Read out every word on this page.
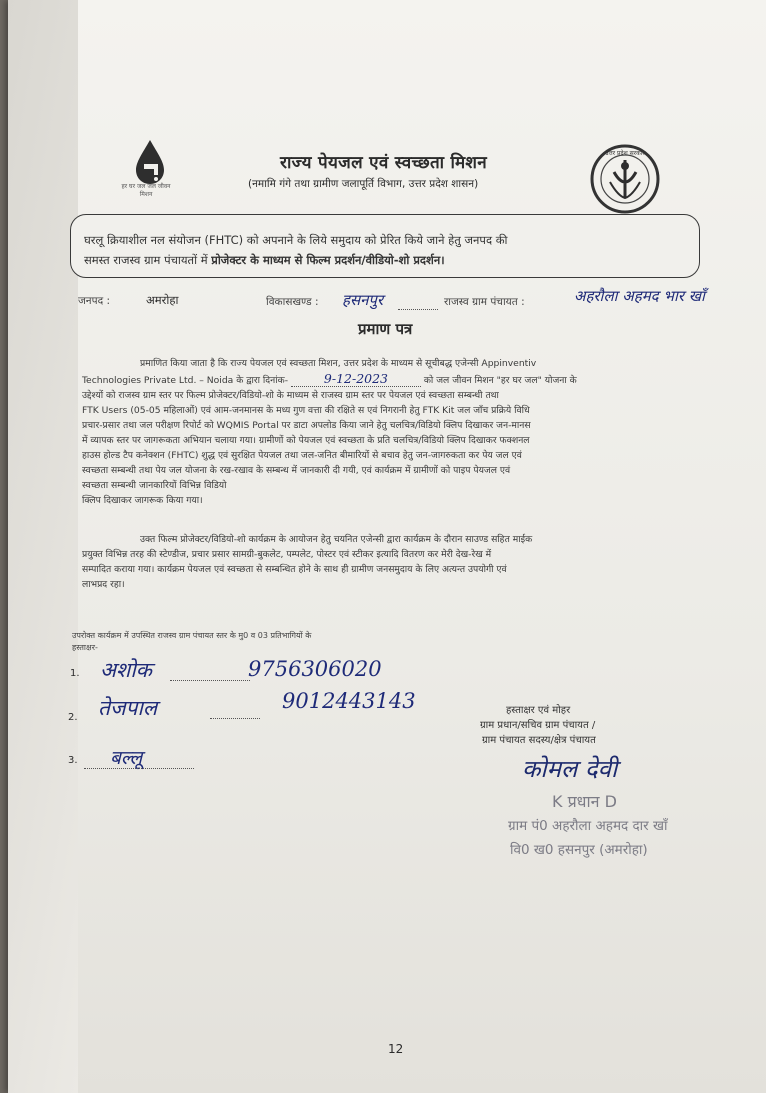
हर घर जल जल जीवन मिशन
राज्य पेयजल एवं स्वच्छता मिशन
(नमामि गंगे तथा ग्रामीण जलापूर्ति विभाग, उत्तर प्रदेश शासन)
उत्तर प्रदेश सरकार
घरलू क्रियाशील नल संयोजन (FHTC) को अपनाने के लिये समुदाय को प्रेरित किये जाने हेतु जनपद की
समस्त राजस्व ग्राम पंचायतों में प्रोजेक्टर के माध्यम से फिल्म प्रदर्शन/वीडियो-शो प्रदर्शन।
जनपद :	अमरोहा	विकासखण्ड : हसनपुर	राजस्व ग्राम पंचायत :	अहरौला अहमद भार खाँ
प्रमाण पत्र
प्रमाणित किया जाता है कि राज्य पेयजल एवं स्वच्छता मिशन, उत्तर प्रदेश के माध्यम से सूचीबद्ध एजेन्सी Appinventiv
Technologies Private Ltd. – Noida के द्वारा दिनांक-	9-12-2023	को जल जीवन मिशन "हर घर जल" योजना के
उद्देश्यों को राजस्व ग्राम स्तर पर फिल्म प्रोजेक्टर/विडियो-शो के माध्यम से राजस्व ग्राम स्तर पर पेयजल एवं स्वच्छता सम्बन्धी तथा
FTK Users (05-05 महिलाओं) एवं आम-जनमानस के मध्य गुण वत्ता की रक्षिते स एवं निगरानी हेतु FTK Kit जल जाँच प्रक्रिये विधि
प्रचार-प्रसार तथा जल परीक्षण रिपोर्ट को WQMIS Portal पर डाटा अपलोड किया जाने हेतु चलचित्र/विडियो क्लिप दिखाकर जन-मानस
में व्यापक स्तर पर जागरूकता अभियान चलाया गया। ग्रामीणों को पेयजल एवं स्वच्छता के प्रति चलचित्र/विडियो क्लिप दिखाकर फक्शनल
हाउस होल्ड टैप कनेक्शन (FHTC) शुद्ध एवं सुरक्षित पेयजल तथा जल-जनित बीमारियों से बचाव हेतु जन-जागरुकता कर पेय जल एवं
स्वच्छता सम्बन्धी तथा पेय जल योजना के रख-रखाव के सम्बन्ध में जानकारी दी गयी, एवं कार्यक्रम में ग्रामीणों को पाइप पेयजल एवं
स्वच्छता सम्बन्धी जानकारियों विभिन्न विडियो
क्लिप दिखाकर जागरूक किया गया।
उक्त फिल्म प्रोजेक्टर/विडियो-शो कार्यक्रम के आयोजन हेतु चयनित एजेन्सी द्वारा कार्यक्रम के दौरान साउण्ड सहित माईक
प्रयुक्त विभिन्न तरह की स्टेण्डीज, प्रचार प्रसार सामग्री-बुकलेट, पम्पलेट, पोस्टर एवं स्टीकर इत्यादि वितरण कर मेरी देख-रेख में
सम्पादित कराया गया। कार्यक्रम पेयजल एवं स्वच्छता से सम्बन्धित होने के साथ ही ग्रामीण जनसमुदाय के लिए अत्यन्त उपयोगी एवं
लाभप्रद रहा।
उपरोक्त कार्यक्रम में उपस्थित राजस्व ग्राम पंचायत स्तर के मु0 व 03 प्रतिभागियों के
हस्ताक्षर-
1. अशोक	9756306020
2. तेजपाल	9012443143
3. बल्लू
हस्ताक्षर एवं मोहर
ग्राम प्रधान/सचिव ग्राम पंचायत /
ग्राम पंचायत सदस्य/क्षेत्र पंचायत
कोमल देवी
K प्रधान D
ग्राम पं0 अहरौला अहमद दार खाँ
वि0 ख0 हसनपुर (अमरोहा)
12
